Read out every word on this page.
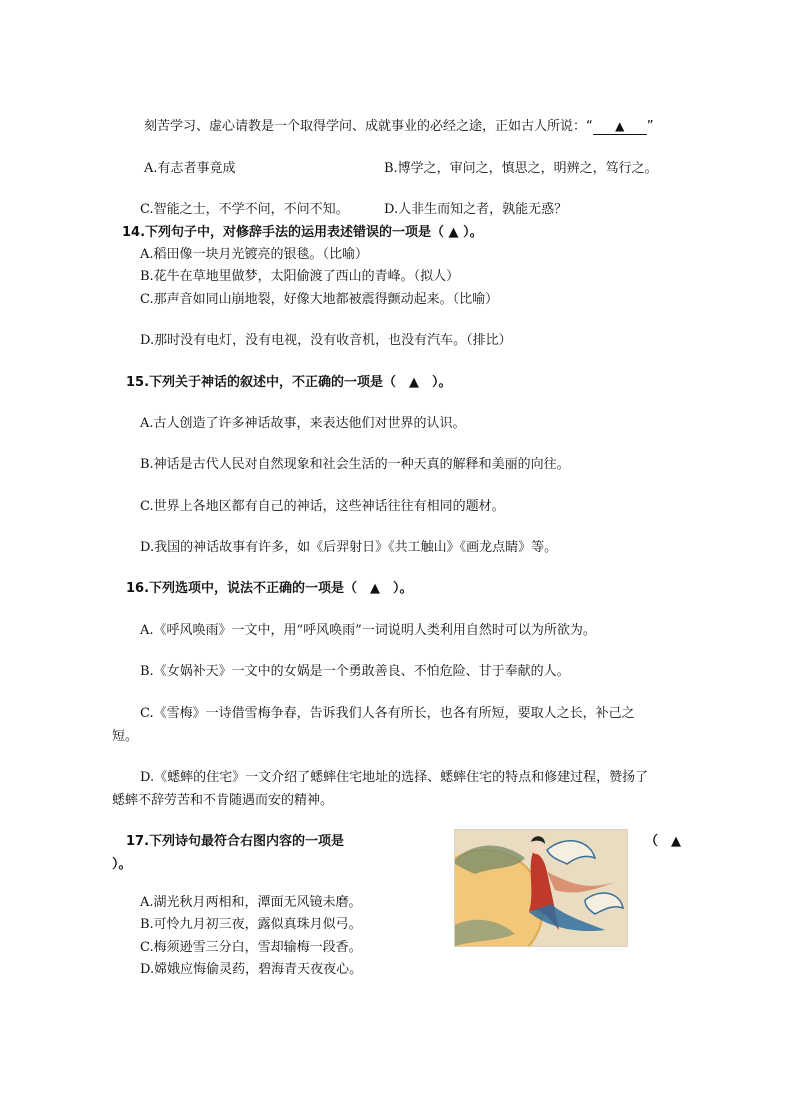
刻苦学习、虚心请教是一个取得学问、成就事业的必经之途，正如古人所说：“ ▲ ”
A.有志者事竟成	B.博学之，审问之，慎思之，明辨之，笃行之。
C.智能之士，不学不问，不问不知。	D.人非生而知之者，孰能无惑？
14.下列句子中，对修辞手法的运用表述错误的一项是（ ▲ ）。
A.稻田像一块月光镀亮的银毯。（比喻）
B.花牛在草地里做梦，太阳偷渡了西山的青峰。（拟人）
C.那声音如同山崩地裂，好像大地都被震得颤动起来。（比喻）
D.那时没有电灯，没有电视，没有收音机，也没有汽车。（排比）
15.下列关于神话的叙述中，不正确的一项是（　▲　）。
A.古人创造了许多神话故事，来表达他们对世界的认识。
B.神话是古代人民对自然现象和社会生活的一种天真的解释和美丽的向往。
C.世界上各地区都有自己的神话，这些神话往往有相同的题材。
D.我国的神话故事有许多，如《后羿射日》《共工触山》《画龙点睛》等。
16.下列选项中，说法不正确的一项是（　▲　）。
A.《呼风唤雨》一文中，用“呼风唤雨”一词说明人类利用自然时可以为所欲为。
B.《女娲补天》一文中的女娲是一个勇敢善良、不怕危险、甘于奉献的人。
C.《雪梅》一诗借雪梅争春，告诉我们人各有所长，也各有所短，要取人之长，补己之
短。
D.《蟋蟀的住宅》一文介绍了蟋蟀住宅地址的选择、蟋蟀住宅的特点和修建过程，赞扬了
蟋蟀不辞劳苦和不肯随遇而安的精神。
17.下列诗句最符合右图内容的一项是	（　▲
）。
A.湖光秋月两相和，潭面无风镜未磨。
B.可怜九月初三夜，露似真珠月似弓。
C.梅须逊雪三分白，雪却输梅一段香。
D.嫦娥应悔偷灵药，碧海青天夜夜心。
